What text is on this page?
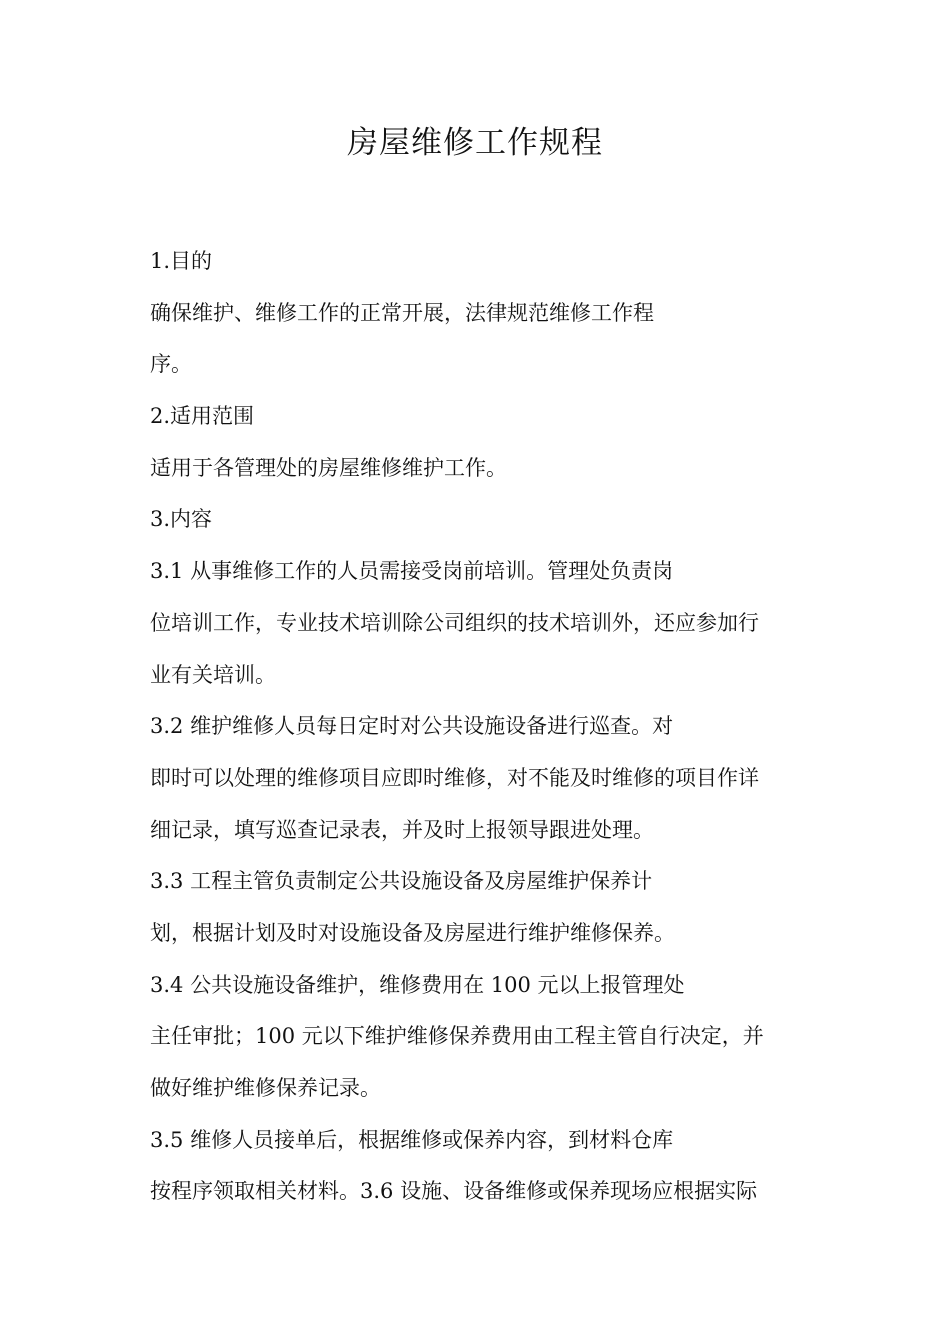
房屋维修工作规程

1.目的

确保维护、维修工作的正常开展，法律规范维修工作程

序。

2.适用范围

适用于各管理处的房屋维修维护工作。

3.内容

3.1 从事维修工作的人员需接受岗前培训。管理处负责岗

位培训工作，专业技术培训除公司组织的技术培训外，还应参加行

业有关培训。

3.2 维护维修人员每日定时对公共设施设备进行巡查。对

即时可以处理的维修项目应即时维修，对不能及时维修的项目作详

细记录，填写巡查记录表，并及时上报领导跟进处理。

3.3 工程主管负责制定公共设施设备及房屋维护保养计

划，根据计划及时对设施设备及房屋进行维护维修保养。

3.4 公共设施设备维护，维修费用在 100 元以上报管理处

主任审批；100 元以下维护维修保养费用由工程主管自行决定，并

做好维护维修保养记录。

3.5 维修人员接单后，根据维修或保养内容，到材料仓库

按程序领取相关材料。3.6 设施、设备维修或保养现场应根据实际
